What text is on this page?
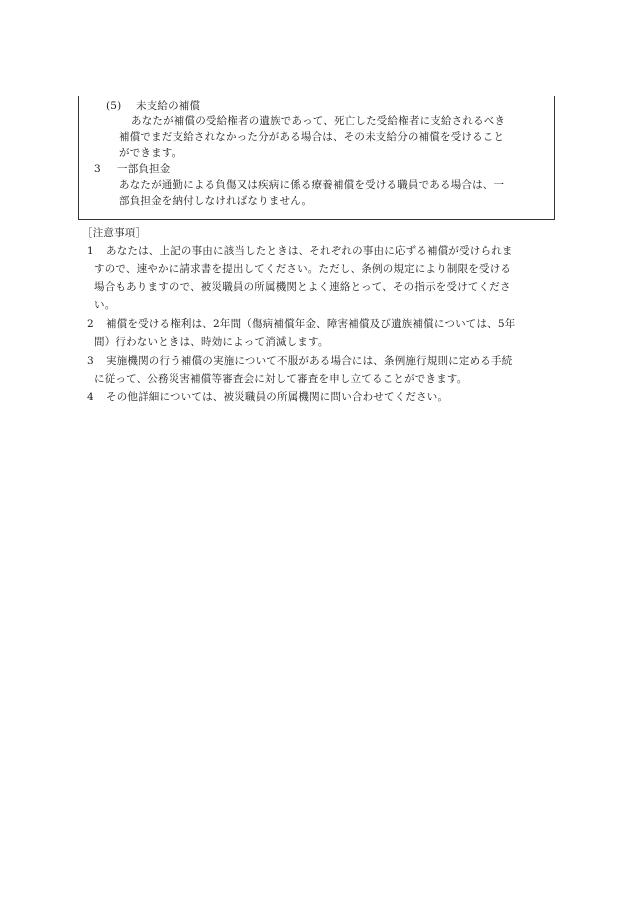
(5) 未支給の補償
あなたが補償の受給権者の遺族であって、死亡した受給権者に支給されるべき
補償でまだ支給されなかった分がある場合は、その未支給分の補償を受けること
ができます。
3 一部負担金
あなたが通勤による負傷又は疾病に係る療養補償を受ける職員である場合は、一
部負担金を納付しなければなりません。
［注意事項］
1 あなたは、上記の事由に該当したときは、それぞれの事由に応ずる補償が受けられま
すので、速やかに請求書を提出してください。ただし、条例の規定により制限を受ける
場合もありますので、被災職員の所属機関とよく連絡とって、その指示を受けてくださ
い。
2 補償を受ける権利は、2年間（傷病補償年金、障害補償及び遺族補償については、5年
間）行わないときは、時効によって消滅します。
3 実施機関の行う補償の実施について不服がある場合には、条例施行規則に定める手続
に従って、公務災害補償等審査会に対して審査を申し立てることができます。
4 その他詳細については、被災職員の所属機関に問い合わせてください。
